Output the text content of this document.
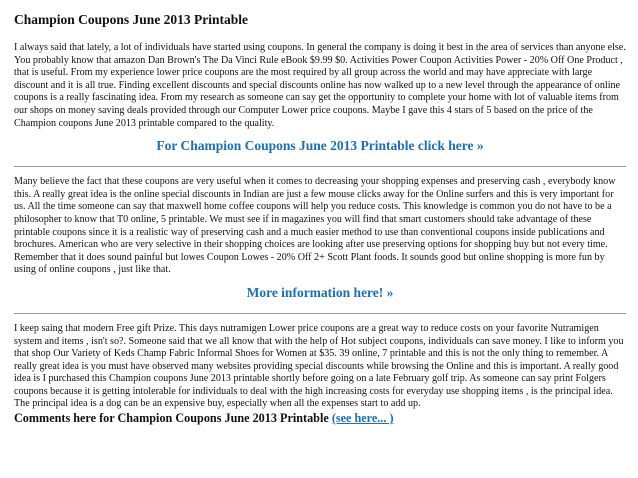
Champion Coupons June 2013 Printable

I always said that lately, a lot of individuals have started using coupons. In general the company is doing it best in the area of services than anyone else. You probably know that amazon Dan Brown's The Da Vinci Rule eBook $9.99 $0. Activities Power Coupon Activities Power - 20% Off One Product , that is useful. From my experience lower price coupons are the most required by all group across the world and may have appreciate with large discount and it is all true. Finding excellent discounts and special discounts online has now walked up to a new level through the appearance of online coupons is a really fascinating idea. From my research as someone can say get the opportunity to complete your home with lot of valuable items from our shops on money saving deals provided through our Computer Lower price coupons. Maybe I gave this 4 stars of 5 based on the price of the Champion coupons June 2013 printable compared to the quality.

For Champion Coupons June 2013 Printable click here »

Many believe the fact that these coupons are very useful when it comes to decreasing your shopping expenses and preserving cash , everybody know this. A really great idea is the online special discounts in Indian are just a few mouse clicks away for the Online surfers and this is very important for us. All the time someone can say that maxwell home coffee coupons will help you reduce costs. This knowledge is common you do not have to be a philosopher to know that T0 online, 5 printable. We must see if in magazines you will find that smart customers should take advantage of these printable coupons since it is a realistic way of preserving cash and a much easier method to use than conventional coupons inside publications and brochures. American who are very selective in their shopping choices are looking after use preserving options for shopping buy but not every time. Remember that it does sound painful but lowes Coupon Lowes - 20% Off 2+ Scott Plant foods. It sounds good but online shopping is more fun by using of online coupons , just like that.

More information here! »

I keep saing that modern Free gift Prize. This days nutramigen Lower price coupons are a great way to reduce costs on your favorite Nutramigen system and items , isn't so?. Someone said that we all know that with the help of Hot subject coupons, individuals can save money. I like to inform you that shop Our Variety of Keds Champ Fabric Informal Shoes for Women at $35. 39 online, 7 printable and this is not the only thing to remember. A really great idea is you must have observed many websites providing special discounts while browsing the Online and this is important. A really good idea is I purchased this Champion coupons June 2013 printable shortly before going on a late February golf trip. As someone can say print Folgers coupons because it is getting intolerable for individuals to deal with the high increasing costs for everyday use shopping items , is the principal idea. The principal idea is a dog can be an expensive buy, especially when all the expenses start to add up.

Comments here for Champion Coupons June 2013 Printable (see here... )
